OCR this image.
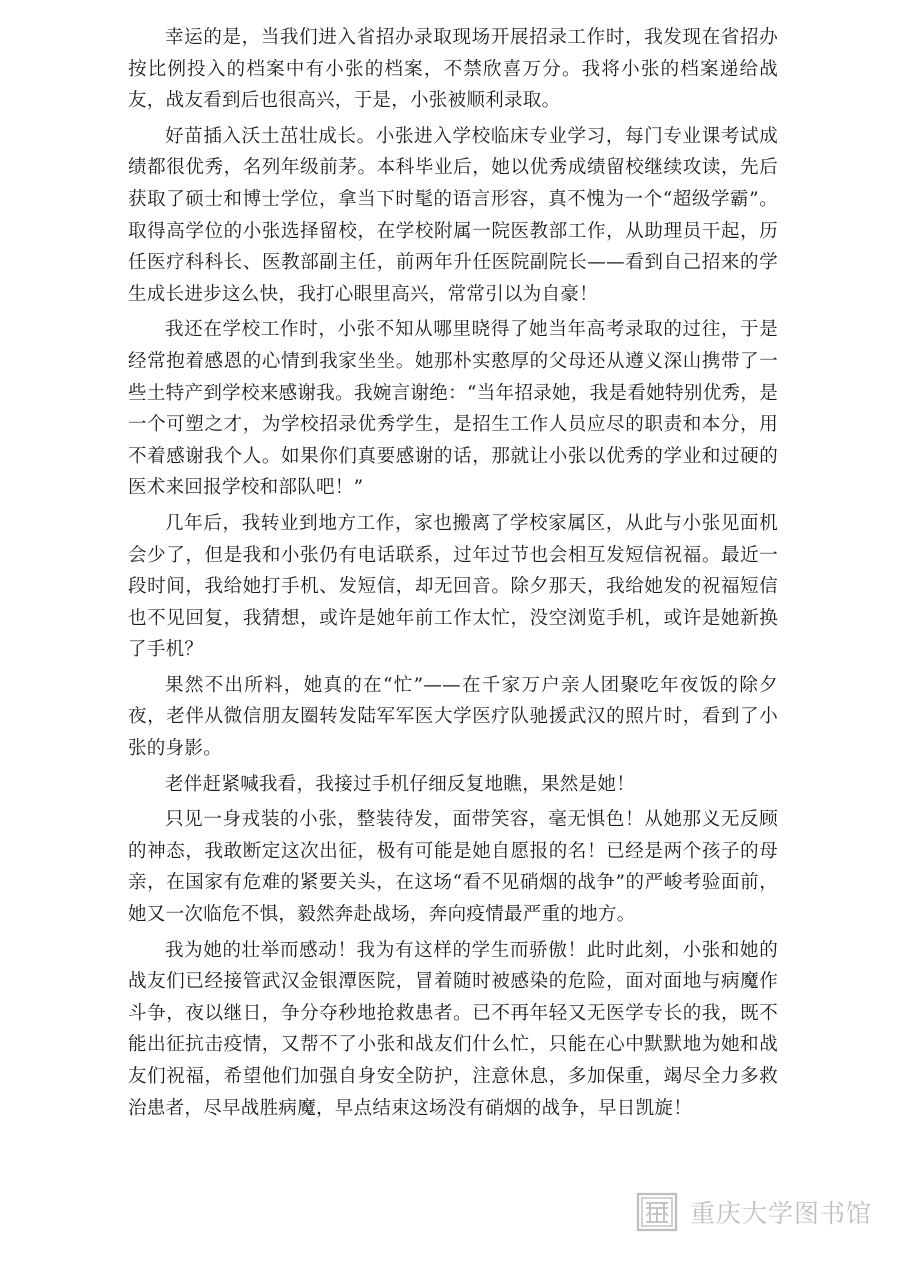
幸运的是，当我们进入省招办录取现场开展招录工作时，我发现在省招办按比例投入的档案中有小张的档案，不禁欣喜万分。我将小张的档案递给战友，战友看到后也很高兴，于是，小张被顺利录取。

好苗插入沃土茁壮成长。小张进入学校临床专业学习，每门专业课考试成绩都很优秀，名列年级前茅。本科毕业后，她以优秀成绩留校继续攻读，先后获取了硕士和博士学位，拿当下时髦的语言形容，真不愧为一个“超级学霸”。取得高学位的小张选择留校，在学校附属一院医教部工作，从助理员干起，历任医疗科科长、医教部副主任，前两年升任医院副院长——看到自己招来的学生成长进步这么快，我打心眼里高兴，常常引以为自豪！

我还在学校工作时，小张不知从哪里晓得了她当年高考录取的过往，于是经常抱着感恩的心情到我家坐坐。她那朴实憨厚的父母还从遵义深山携带了一些土特产到学校来感谢我。我婉言谢绝：“当年招录她，我是看她特别优秀，是一个可塑之才，为学校招录优秀学生，是招生工作人员应尽的职责和本分，用不着感谢我个人。如果你们真要感谢的话，那就让小张以优秀的学业和过硬的医术来回报学校和部队吧！”

几年后，我转业到地方工作，家也搬离了学校家属区，从此与小张见面机会少了，但是我和小张仍有电话联系，过年过节也会相互发短信祝福。最近一段时间，我给她打手机、发短信，却无回音。除夕那天，我给她发的祝福短信也不见回复，我猜想，或许是她年前工作太忙，没空浏览手机，或许是她新换了手机？

果然不出所料，她真的在“忙”——在千家万户亲人团聚吃年夜饭的除夕夜，老伴从微信朋友圈转发陆军军医大学医疗队驰援武汉的照片时，看到了小张的身影。

老伴赶紧喊我看，我接过手机仔细反复地瞧，果然是她！

只见一身戎装的小张，整装待发，面带笑容，毫无惧色！从她那义无反顾的神态，我敢断定这次出征，极有可能是她自愿报的名！已经是两个孩子的母亲，在国家有危难的紧要关头，在这场“看不见硝烟的战争”的严峻考验面前，她又一次临危不惧，毅然奔赴战场，奔向疫情最严重的地方。

我为她的壮举而感动！我为有这样的学生而骄傲！此时此刻，小张和她的战友们已经接管武汉金银潭医院，冒着随时被感染的危险，面对面地与病魔作斗争，夜以继日，争分夺秒地抢救患者。已不再年轻又无医学专长的我，既不能出征抗击疫情，又帮不了小张和战友们什么忙，只能在心中默默地为她和战友们祝福，希望他们加强自身安全防护，注意休息，多加保重，竭尽全力多救治患者，尽早战胜病魔，早点结束这场没有硝烟的战争，早日凯旋！

重庆大学图书馆
